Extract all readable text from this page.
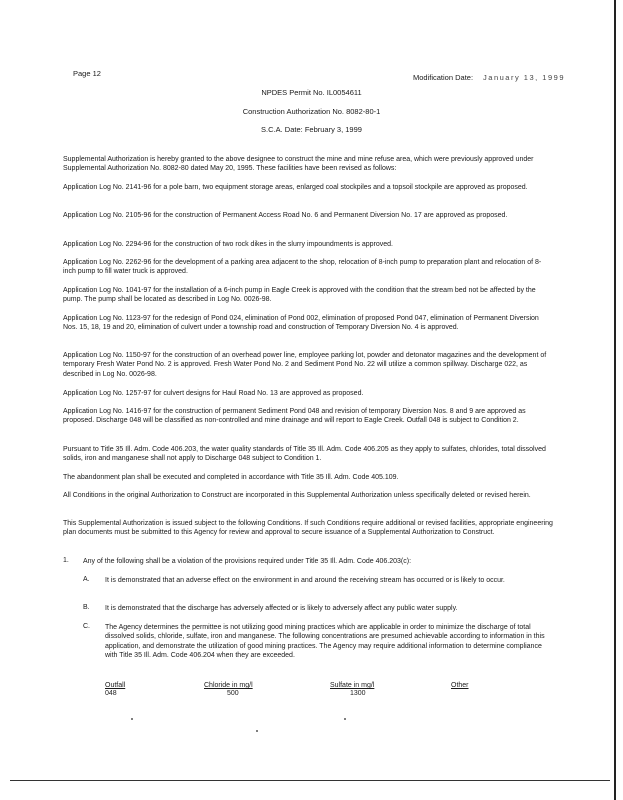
Page 12	Modification Date: January 13, 1999
NPDES Permit No. IL0054611
Construction Authorization No. 8082-80-1
S.C.A. Date: February 3, 1999
Supplemental Authorization is hereby granted to the above designee to construct the mine and mine refuse area, which were previously approved under Supplemental Authorization No. 8082-80 dated May 20, 1995. These facilities have been revised as follows:
Application Log No. 2141-96 for a pole barn, two equipment storage areas, enlarged coal stockpiles and a topsoil stockpile are approved as proposed.
Application Log No. 2105-96 for the construction of Permanent Access Road No. 6 and Permanent Diversion No. 17 are approved as proposed.
Application Log No. 2294-96 for the construction of two rock dikes in the slurry impoundments is approved.
Application Log No. 2262-96 for the development of a parking area adjacent to the shop, relocation of 8-inch pump to preparation plant and relocation of 8-inch pump to fill water truck is approved.
Application Log No. 1041-97 for the installation of a 6-inch pump in Eagle Creek is approved with the condition that the stream bed not be affected by the pump. The pump shall be located as described in Log No. 0026-98.
Application Log No. 1123-97 for the redesign of Pond 024, elimination of Pond 002, elimination of proposed Pond 047, elimination of Permanent Diversion Nos. 15, 18, 19 and 20, elimination of culvert under a township road and construction of Temporary Diversion No. 4 is approved.
Application Log No. 1150-97 for the construction of an overhead power line, employee parking lot, powder and detonator magazines and the development of temporary Fresh Water Pond No. 2 is approved. Fresh Water Pond No. 2 and Sediment Pond No. 22 will utilize a common spillway. Discharge 022, as described in Log No. 0026-98.
Application Log No. 1257-97 for culvert designs for Haul Road No. 13 are approved as proposed.
Application Log No. 1416-97 for the construction of permanent Sediment Pond 048 and revision of temporary Diversion Nos. 8 and 9 are approved as proposed. Discharge 048 will be classified as non-controlled and mine drainage and will report to Eagle Creek. Outfall 048 is subject to Condition 2.
Pursuant to Title 35 Ill. Adm. Code 406.203, the water quality standards of Title 35 Ill. Adm. Code 406.205 as they apply to sulfates, chlorides, total dissolved solids, iron and manganese shall not apply to Discharge 048 subject to Condition 1.
The abandonment plan shall be executed and completed in accordance with Title 35 Ill. Adm. Code 405.109.
All Conditions in the original Authorization to Construct are incorporated in this Supplemental Authorization unless specifically deleted or revised herein.
This Supplemental Authorization is issued subject to the following Conditions. If such Conditions require additional or revised facilities, appropriate engineering plan documents must be submitted to this Agency for review and approval to secure issuance of a Supplemental Authorization to Construct.
1. Any of the following shall be a violation of the provisions required under Title 35 Ill. Adm. Code 406.203(c):
A. It is demonstrated that an adverse effect on the environment in and around the receiving stream has occurred or is likely to occur.
B. It is demonstrated that the discharge has adversely affected or is likely to adversely affect any public water supply.
C. The Agency determines the permittee is not utilizing good mining practices which are applicable in order to minimize the discharge of total dissolved solids, chloride, sulfate, iron and manganese. The following concentrations are presumed achievable according to information in this application, and demonstrate the utilization of good mining practices. The Agency may require additional information to determine compliance with Title 35 Ill. Adm. Code 406.204 when they are exceeded.
Outfall	Chloride in mg/l	Sulfate in mg/l	Other
048	500	1300
